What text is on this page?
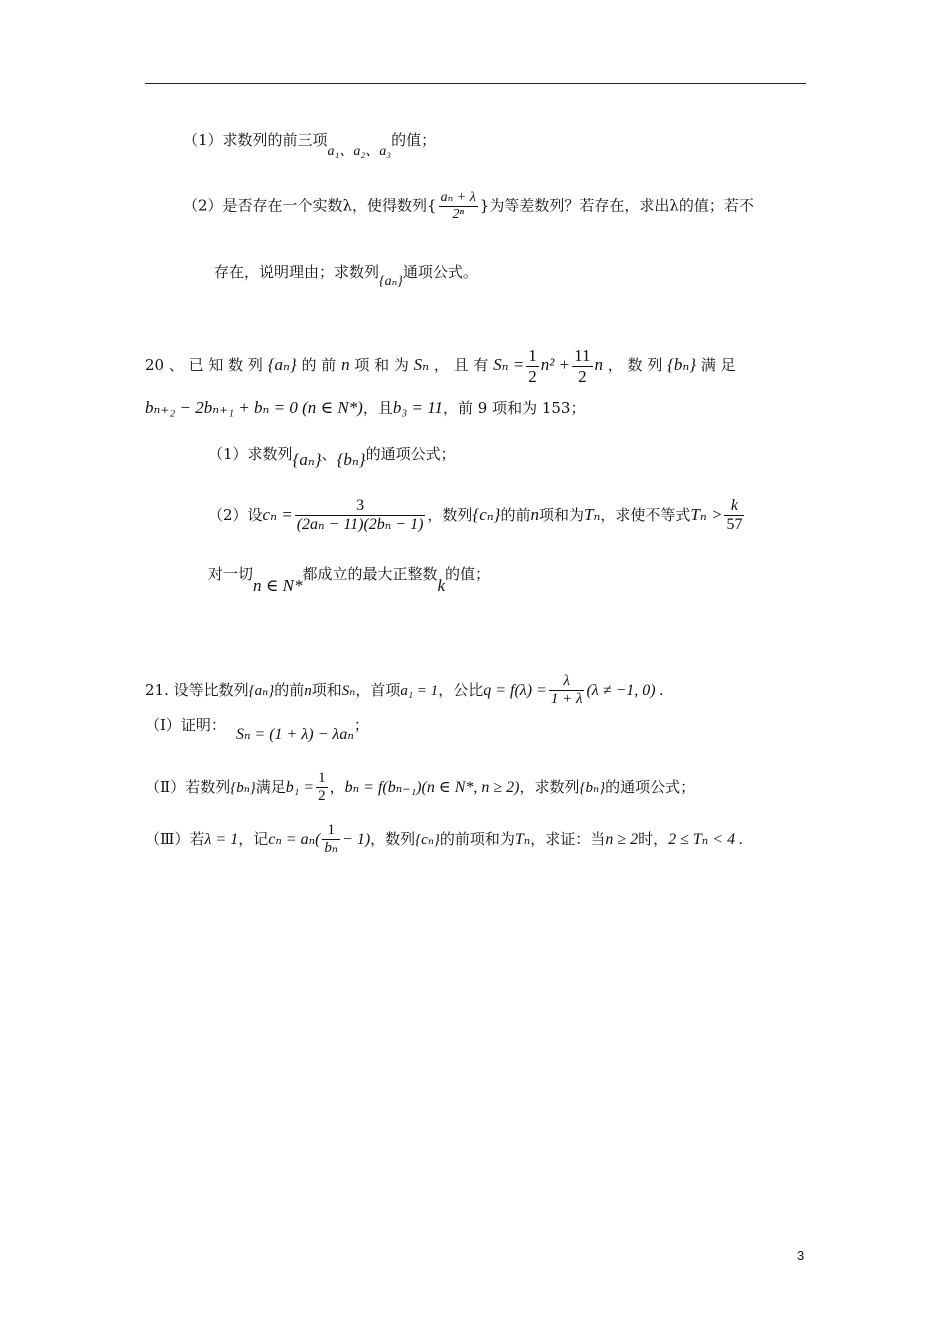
（1）求数列的前三项a₁、a₂、a₃的值；
（2）是否存在一个实数λ，使得数列{ $\frac{\text{aₙ + λ}}{\text{2ⁿ}}$ }为等差数列？若存在，求出λ的值；若不
存在，说明理由；求数列{aₙ}通项公式。
20 、 已 知 数 列 {aₙ} 的 前 n 项 和 为 Sₙ ， 且 有 $S_n = \frac{1}{2} n^2 + \frac{11}{2}$ n ， 数 列 {bₙ} 满 足
bₙ₊₂ − 2bₙ₊₁ + bₙ = 0 (n ∈ N*)，且b₃ = 11，前 9 项和为 153；
（1）求数列{aₙ}、{bₙ}的通项公式；
（2）设$c_n = \frac{3}{\text{(2aₙ − 11)(2bₙ − 1)}}$ ，数列{cₙ}的前n项和为Tₙ，求使不等式$T_n > \frac{k}{57}$
对一切n ∈ N*都成立的最大正整数k的值；
21. 设等比数列{aₙ}的前n项和Sₙ，首项a₁ = 1，公比$q = f(\lambda) = \frac{\lambda}{1 + \lambda} (\lambda \ne -1$, 0) .
（Ⅰ）证明：Sₙ = (1 + λ) − λaₙ；
（Ⅱ）若数列{bₙ}满足$b_1 = \frac{1}{2}$ ，bₙ = f(bₙ₋₁)(n ∈ N*, n ≥ 2)，求数列{bₙ}的通项公式；
（Ⅲ）若λ = 1，记$c_n = a_n( \frac{1}{\text{bₙ}} - 1)$，数列{cₙ}的前项和为Tₙ，求证：当n ≥ 2时，2 ≤ Tₙ < 4 .
3
